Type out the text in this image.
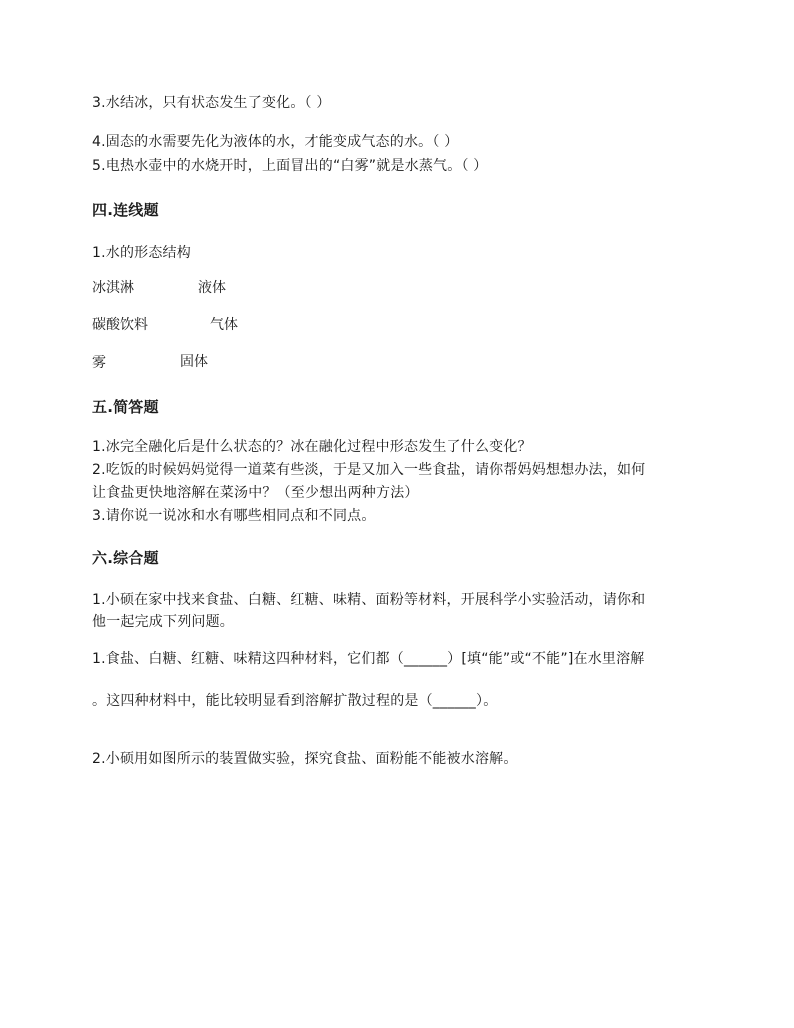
3.水结冰，只有状态发生了变化。（ ）
4.固态的水需要先化为液体的水，才能变成气态的水。（ ）
5.电热水壶中的水烧开时，上面冒出的“白雾”就是水蒸气。（ ）
四.连线题
1.水的形态结构
冰淇淋	液体
碳酸饮料	气体
雾	固体
五.简答题
1.冰完全融化后是什么状态的？冰在融化过程中形态发生了什么变化？
2.吃饭的时候妈妈觉得一道菜有些淡，于是又加入一些食盐，请你帮妈妈想想办法，如何
让食盐更快地溶解在菜汤中？（至少想出两种方法）
3.请你说一说冰和水有哪些相同点和不同点。
六.综合题
1.小硕在家中找来食盐、白糖、红糖、味精、面粉等材料，开展科学小实验活动，请你和
他一起完成下列问题。
1.食盐、白糖、红糖、味精这四种材料，它们都（______）[填“能”或“不能”]在水里溶解
。这四种材料中，能比较明显看到溶解扩散过程的是（______）。
2.小硕用如图所示的装置做实验，探究食盐、面粉能不能被水溶解。
